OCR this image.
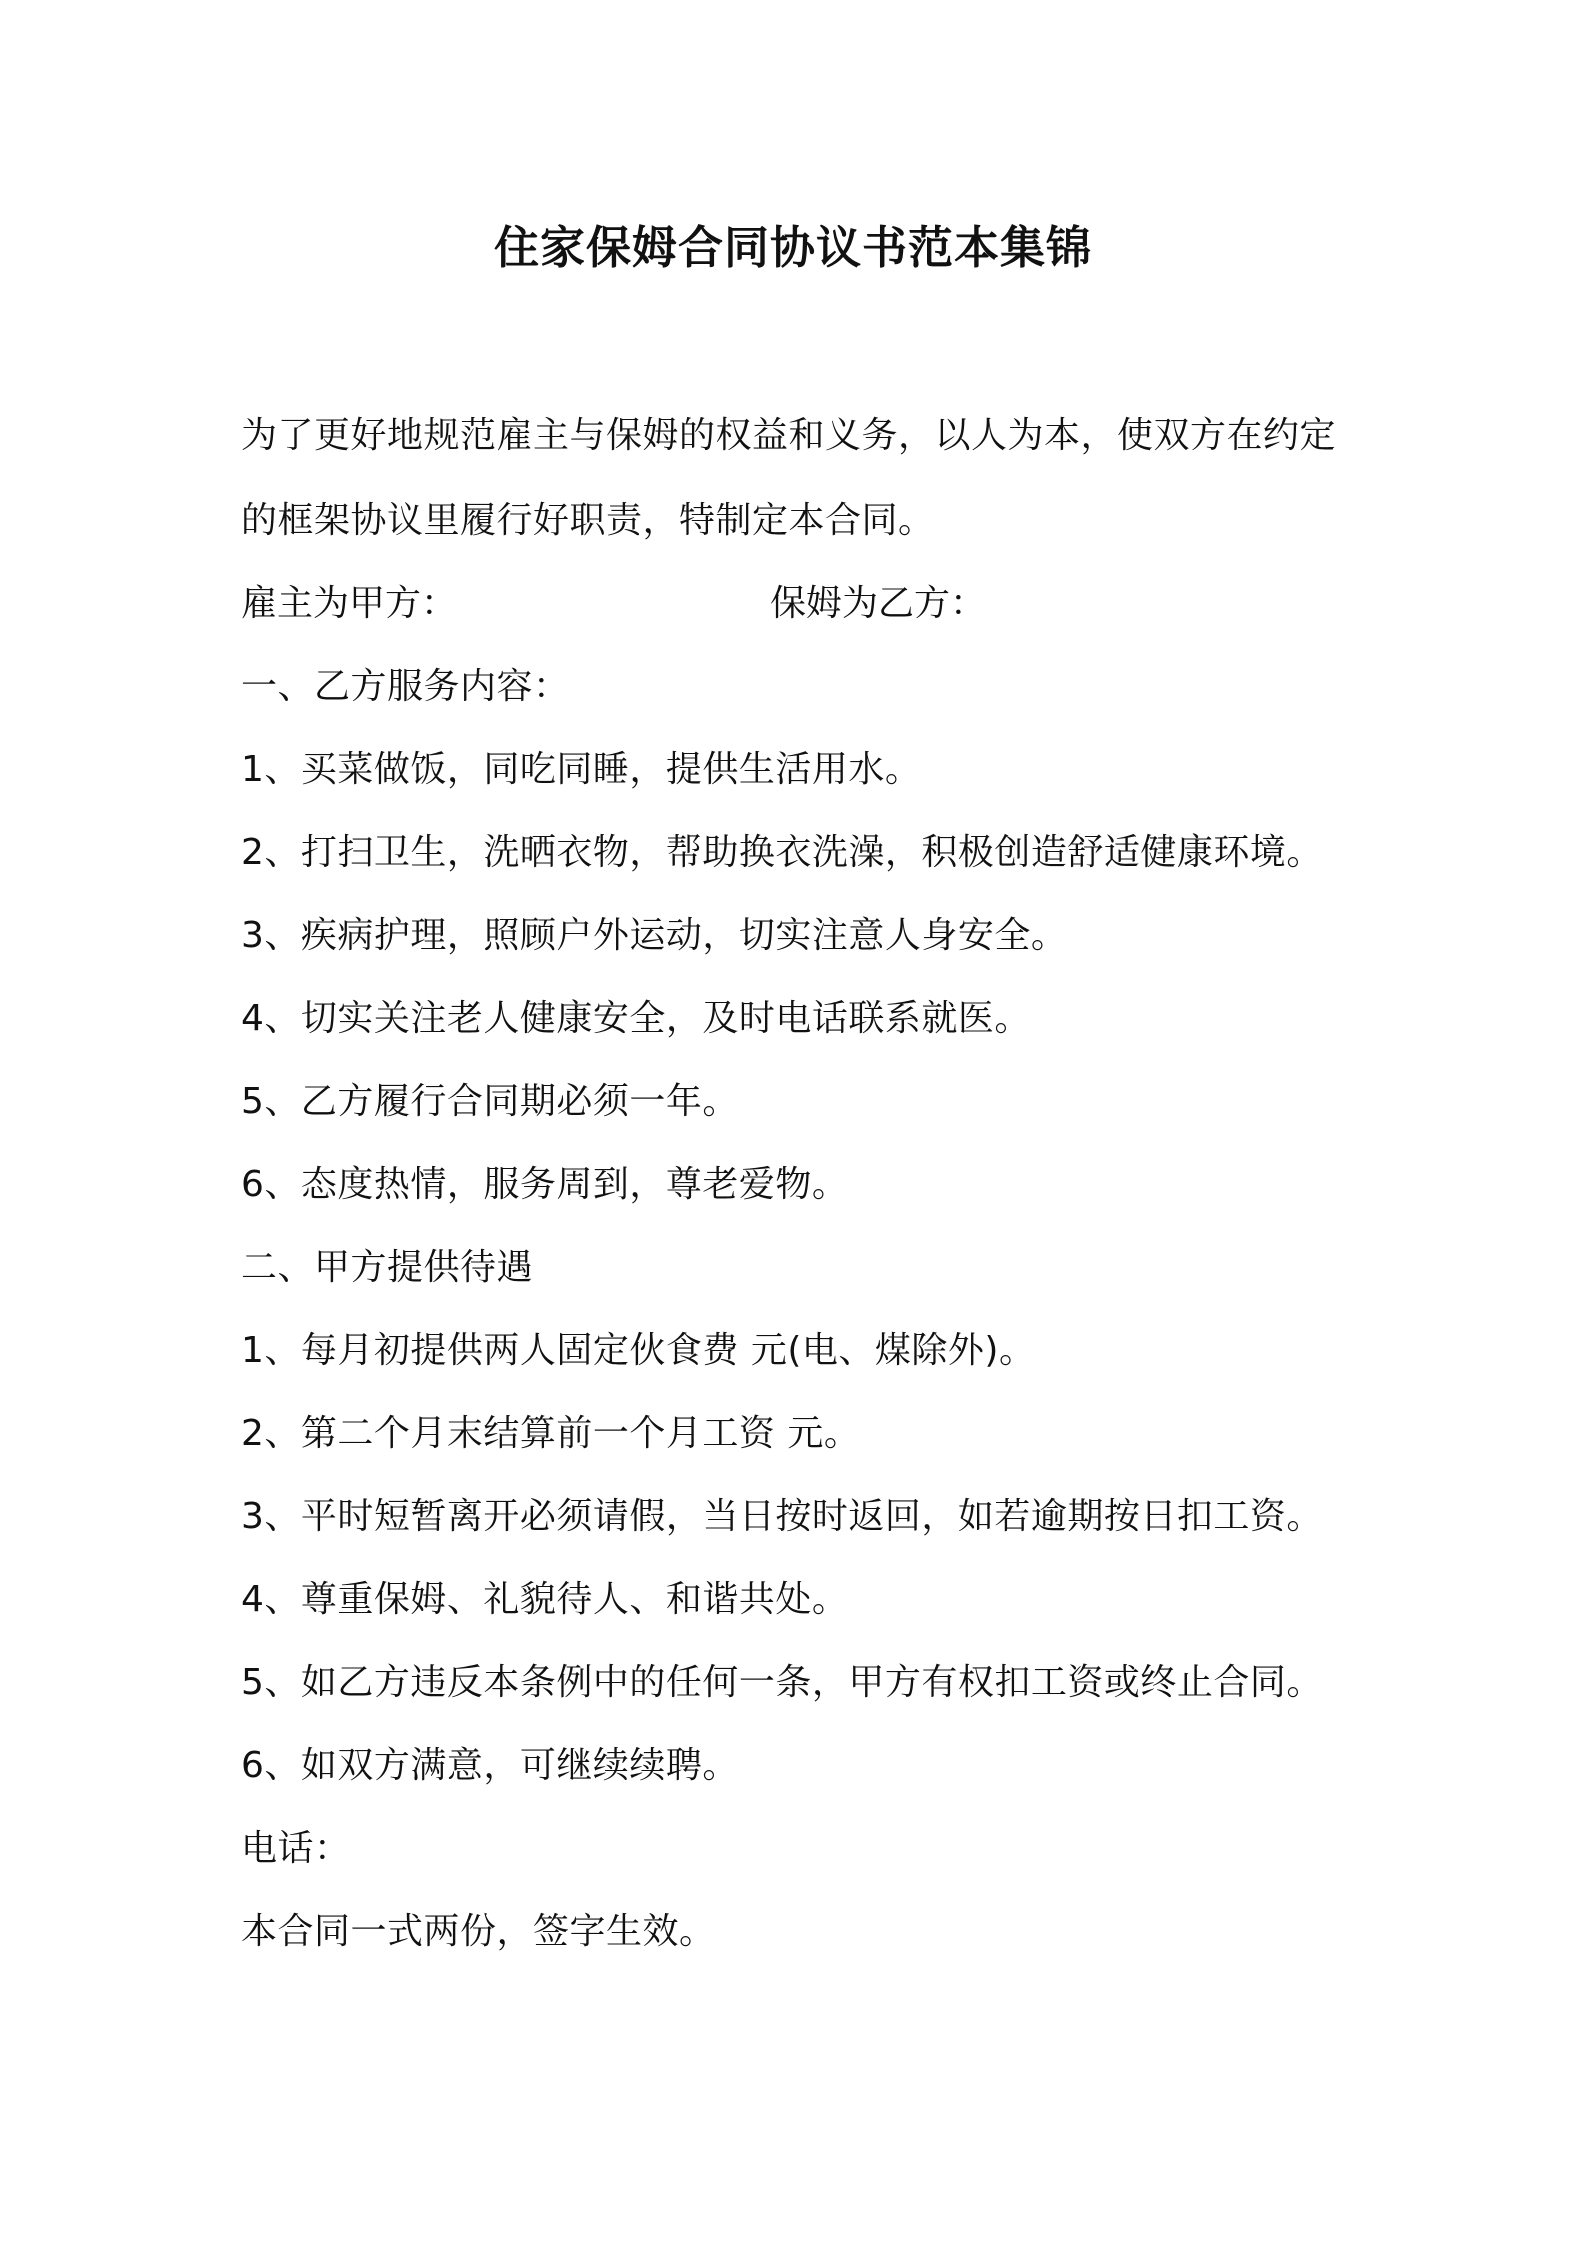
住家保姆合同协议书范本集锦
为了更好地规范雇主与保姆的权益和义务，以人为本，使双方在约定
的框架协议里履行好职责，特制定本合同。
雇主为甲方：	保姆为乙方：
一、乙方服务内容：
1、买菜做饭，同吃同睡，提供生活用水。
2、打扫卫生，洗晒衣物，帮助换衣洗澡，积极创造舒适健康环境。
3、疾病护理，照顾户外运动，切实注意人身安全。
4、切实关注老人健康安全，及时电话联系就医。
5、乙方履行合同期必须一年。
6、态度热情，服务周到，尊老爱物。
二、甲方提供待遇
1、每月初提供两人固定伙食费 元(电、煤除外)。
2、第二个月末结算前一个月工资 元。
3、平时短暂离开必须请假，当日按时返回，如若逾期按日扣工资。
4、尊重保姆、礼貌待人、和谐共处。
5、如乙方违反本条例中的任何一条，甲方有权扣工资或终止合同。
6、如双方满意，可继续续聘。
电话：
本合同一式两份，签字生效。
